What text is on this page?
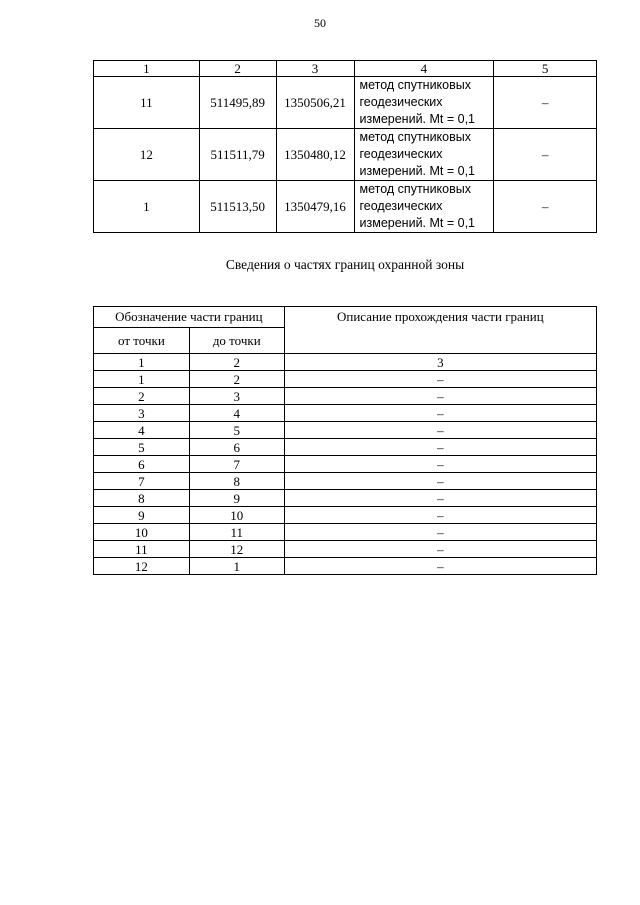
50
1	2	3	4	5
11	511495,89	1350506,21	метод спутниковых
геодезических
измерений. Mt = 0,1	–
12	511511,79	1350480,12	метод спутниковых
геодезических
измерений. Mt = 0,1	–
1	511513,50	1350479,16	метод спутниковых
геодезических
измерений. Mt = 0,1	–
Сведения о частях границ охранной зоны
Обозначение части границ		Описание прохождения части границ
от точки	до точки	
1	2	3
1	2	–
2	3	–
3	4	–
4	5	–
5	6	–
6	7	–
7	8	–
8	9	–
9	10	–
10	11	–
11	12	–
12	1	–
